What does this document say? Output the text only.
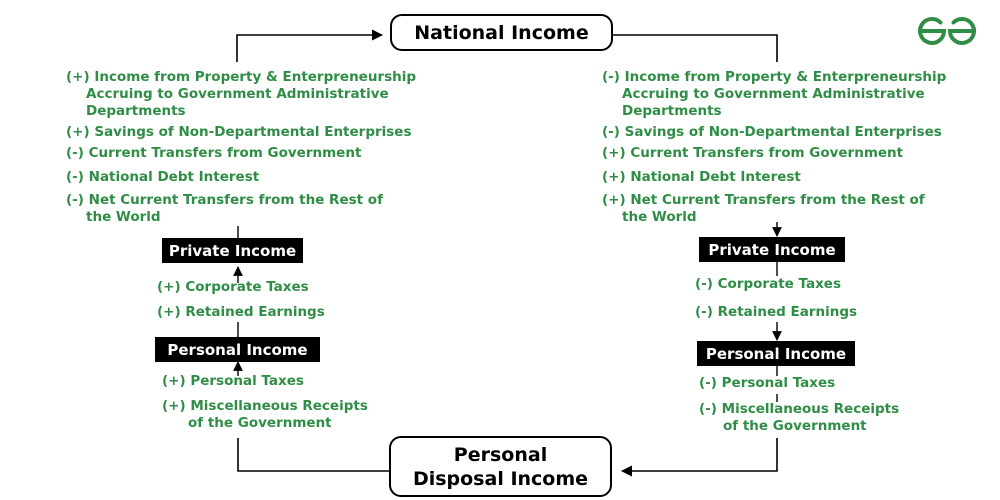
National Income
Personal
Disposal Income
(+) Income from Property & Enterpreneurship
Accruing to Government Administrative
Departments
(+) Savings of Non-Departmental Enterprises
(-) Current Transfers from Government
(-) National Debt Interest
(-) Net Current Transfers from the Rest of
the World
Private Income
(+) Corporate Taxes
(+) Retained Earnings
Personal Income
(+) Personal Taxes
(+) Miscellaneous Receipts
of the Government
(-) Income from Property & Enterpreneurship
Accruing to Government Administrative
Departments
(-) Savings of Non-Departmental Enterprises
(+) Current Transfers from Government
(+) National Debt Interest
(+) Net Current Transfers from the Rest of
the World
Private Income
(-) Corporate Taxes
(-) Retained Earnings
Personal Income
(-) Personal Taxes
(-) Miscellaneous Receipts
of the Government
